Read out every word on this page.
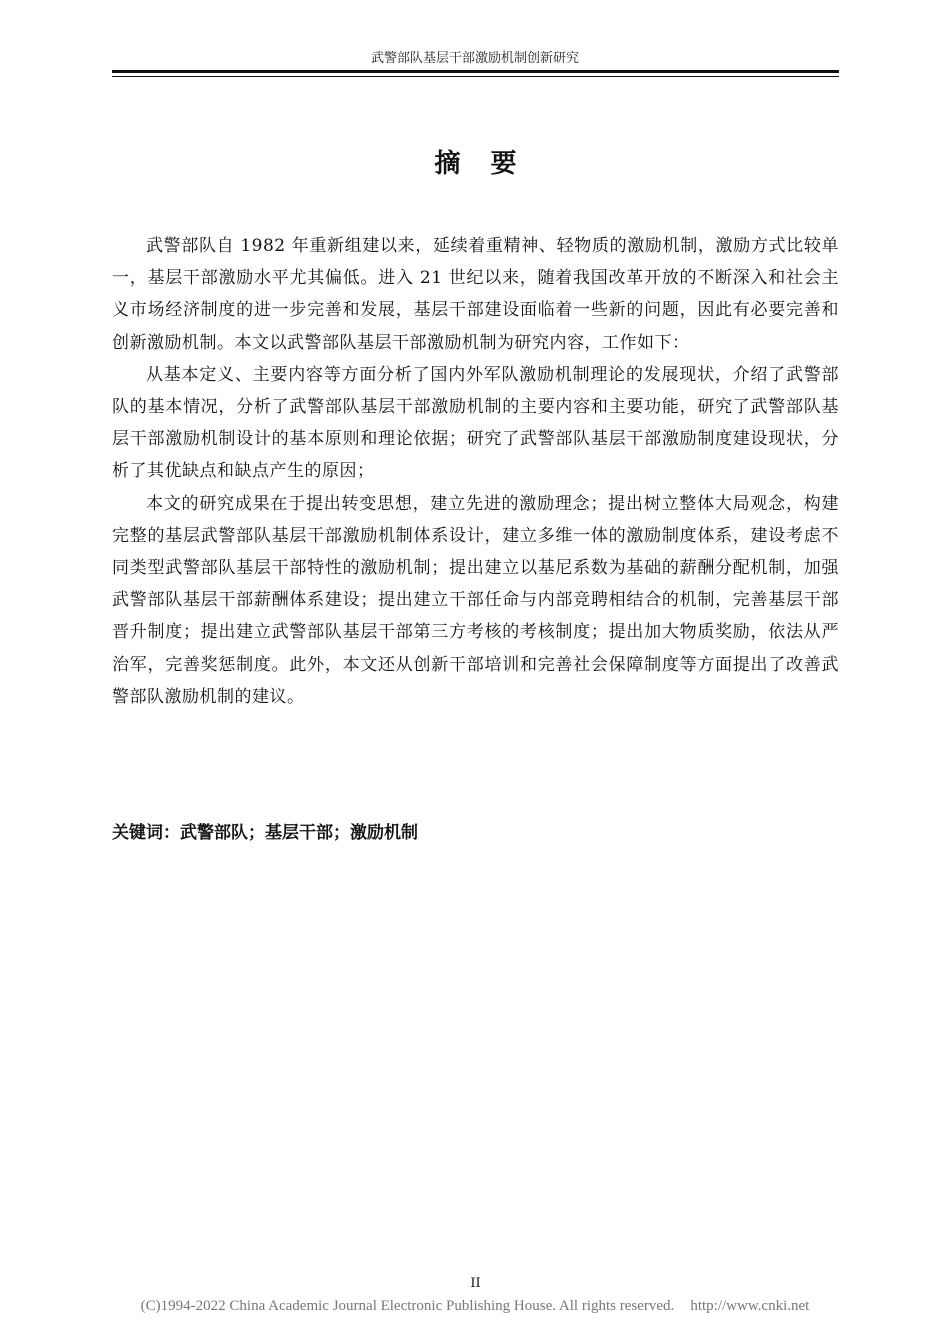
武警部队基层干部激励机制创新研究
摘要

武警部队自 1982 年重新组建以来，延续着重精神、轻物质的激励机制，激励方式比较单一，基层干部激励水平尤其偏低。进入 21 世纪以来，随着我国改革开放的不断深入和社会主义市场经济制度的进一步完善和发展，基层干部建设面临着一些新的问题，因此有必要完善和创新激励机制。本文以武警部队基层干部激励机制为研究内容，工作如下：

从基本定义、主要内容等方面分析了国内外军队激励机制理论的发展现状，介绍了武警部队的基本情况，分析了武警部队基层干部激励机制的主要内容和主要功能，研究了武警部队基层干部激励机制设计的基本原则和理论依据；研究了武警部队基层干部激励制度建设现状，分析了其优缺点和缺点产生的原因；

本文的研究成果在于提出转变思想，建立先进的激励理念；提出树立整体大局观念，构建完整的基层武警部队基层干部激励机制体系设计，建立多维一体的激励制度体系，建设考虑不同类型武警部队基层干部特性的激励机制；提出建立以基尼系数为基础的薪酬分配机制，加强武警部队基层干部薪酬体系建设；提出建立干部任命与内部竞聘相结合的机制，完善基层干部晋升制度；提出建立武警部队基层干部第三方考核的考核制度；提出加大物质奖励，依法从严治军，完善奖惩制度。此外，本文还从创新干部培训和完善社会保障制度等方面提出了改善武警部队激励机制的建议。

关键词：武警部队；基层干部；激励机制
II
(C)1994-2022 China Academic Journal Electronic Publishing House. All rights reserved. http://www.cnki.net
